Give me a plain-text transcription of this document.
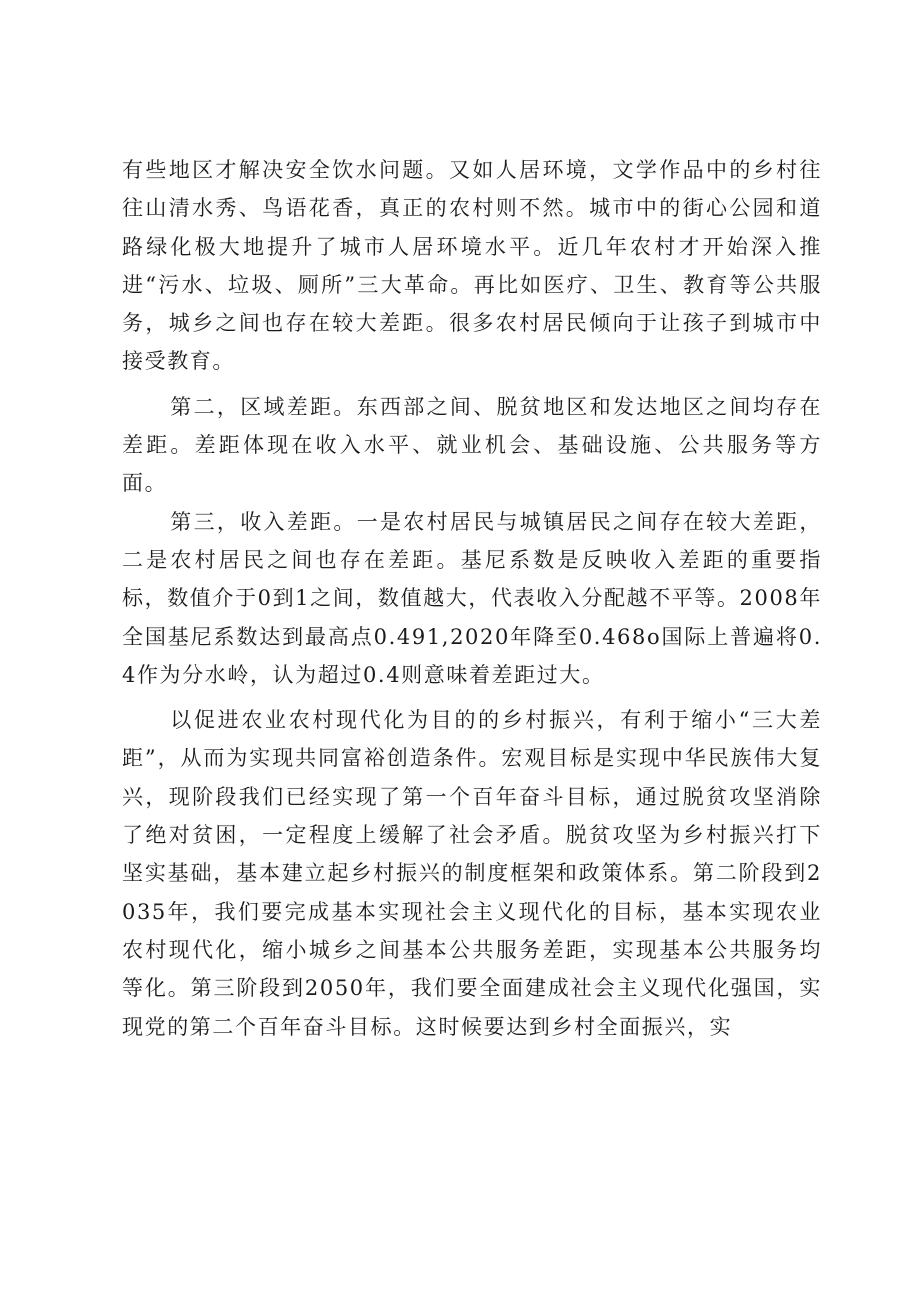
有些地区才解决安全饮水问题。又如人居环境，文学作品中的乡村往往山清水秀、鸟语花香，真正的农村则不然。城市中的街心公园和道路绿化极大地提升了城市人居环境水平。近几年农村才开始深入推进“污水、垃圾、厕所”三大革命。再比如医疗、卫生、教育等公共服务，城乡之间也存在较大差距。很多农村居民倾向于让孩子到城市中接受教育。

第二，区域差距。东西部之间、脱贫地区和发达地区之间均存在差距。差距体现在收入水平、就业机会、基础设施、公共服务等方面。

第三，收入差距。一是农村居民与城镇居民之间存在较大差距，二是农村居民之间也存在差距。基尼系数是反映收入差距的重要指标，数值介于0到1之间，数值越大，代表收入分配越不平等。2008年全国基尼系数达到最高点0.491,2020年降至0.468o国际上普遍将0.4作为分水岭，认为超过0.4则意味着差距过大。

以促进农业农村现代化为目的的乡村振兴，有利于缩小“三大差距”，从而为实现共同富裕创造条件。宏观目标是实现中华民族伟大复兴，现阶段我们已经实现了第一个百年奋斗目标，通过脱贫攻坚消除了绝对贫困，一定程度上缓解了社会矛盾。脱贫攻坚为乡村振兴打下坚实基础，基本建立起乡村振兴的制度框架和政策体系。第二阶段到2035年，我们要完成基本实现社会主义现代化的目标，基本实现农业农村现代化，缩小城乡之间基本公共服务差距，实现基本公共服务均等化。第三阶段到2050年，我们要全面建成社会主义现代化强国，实现党的第二个百年奋斗目标。这时候要达到乡村全面振兴，实
